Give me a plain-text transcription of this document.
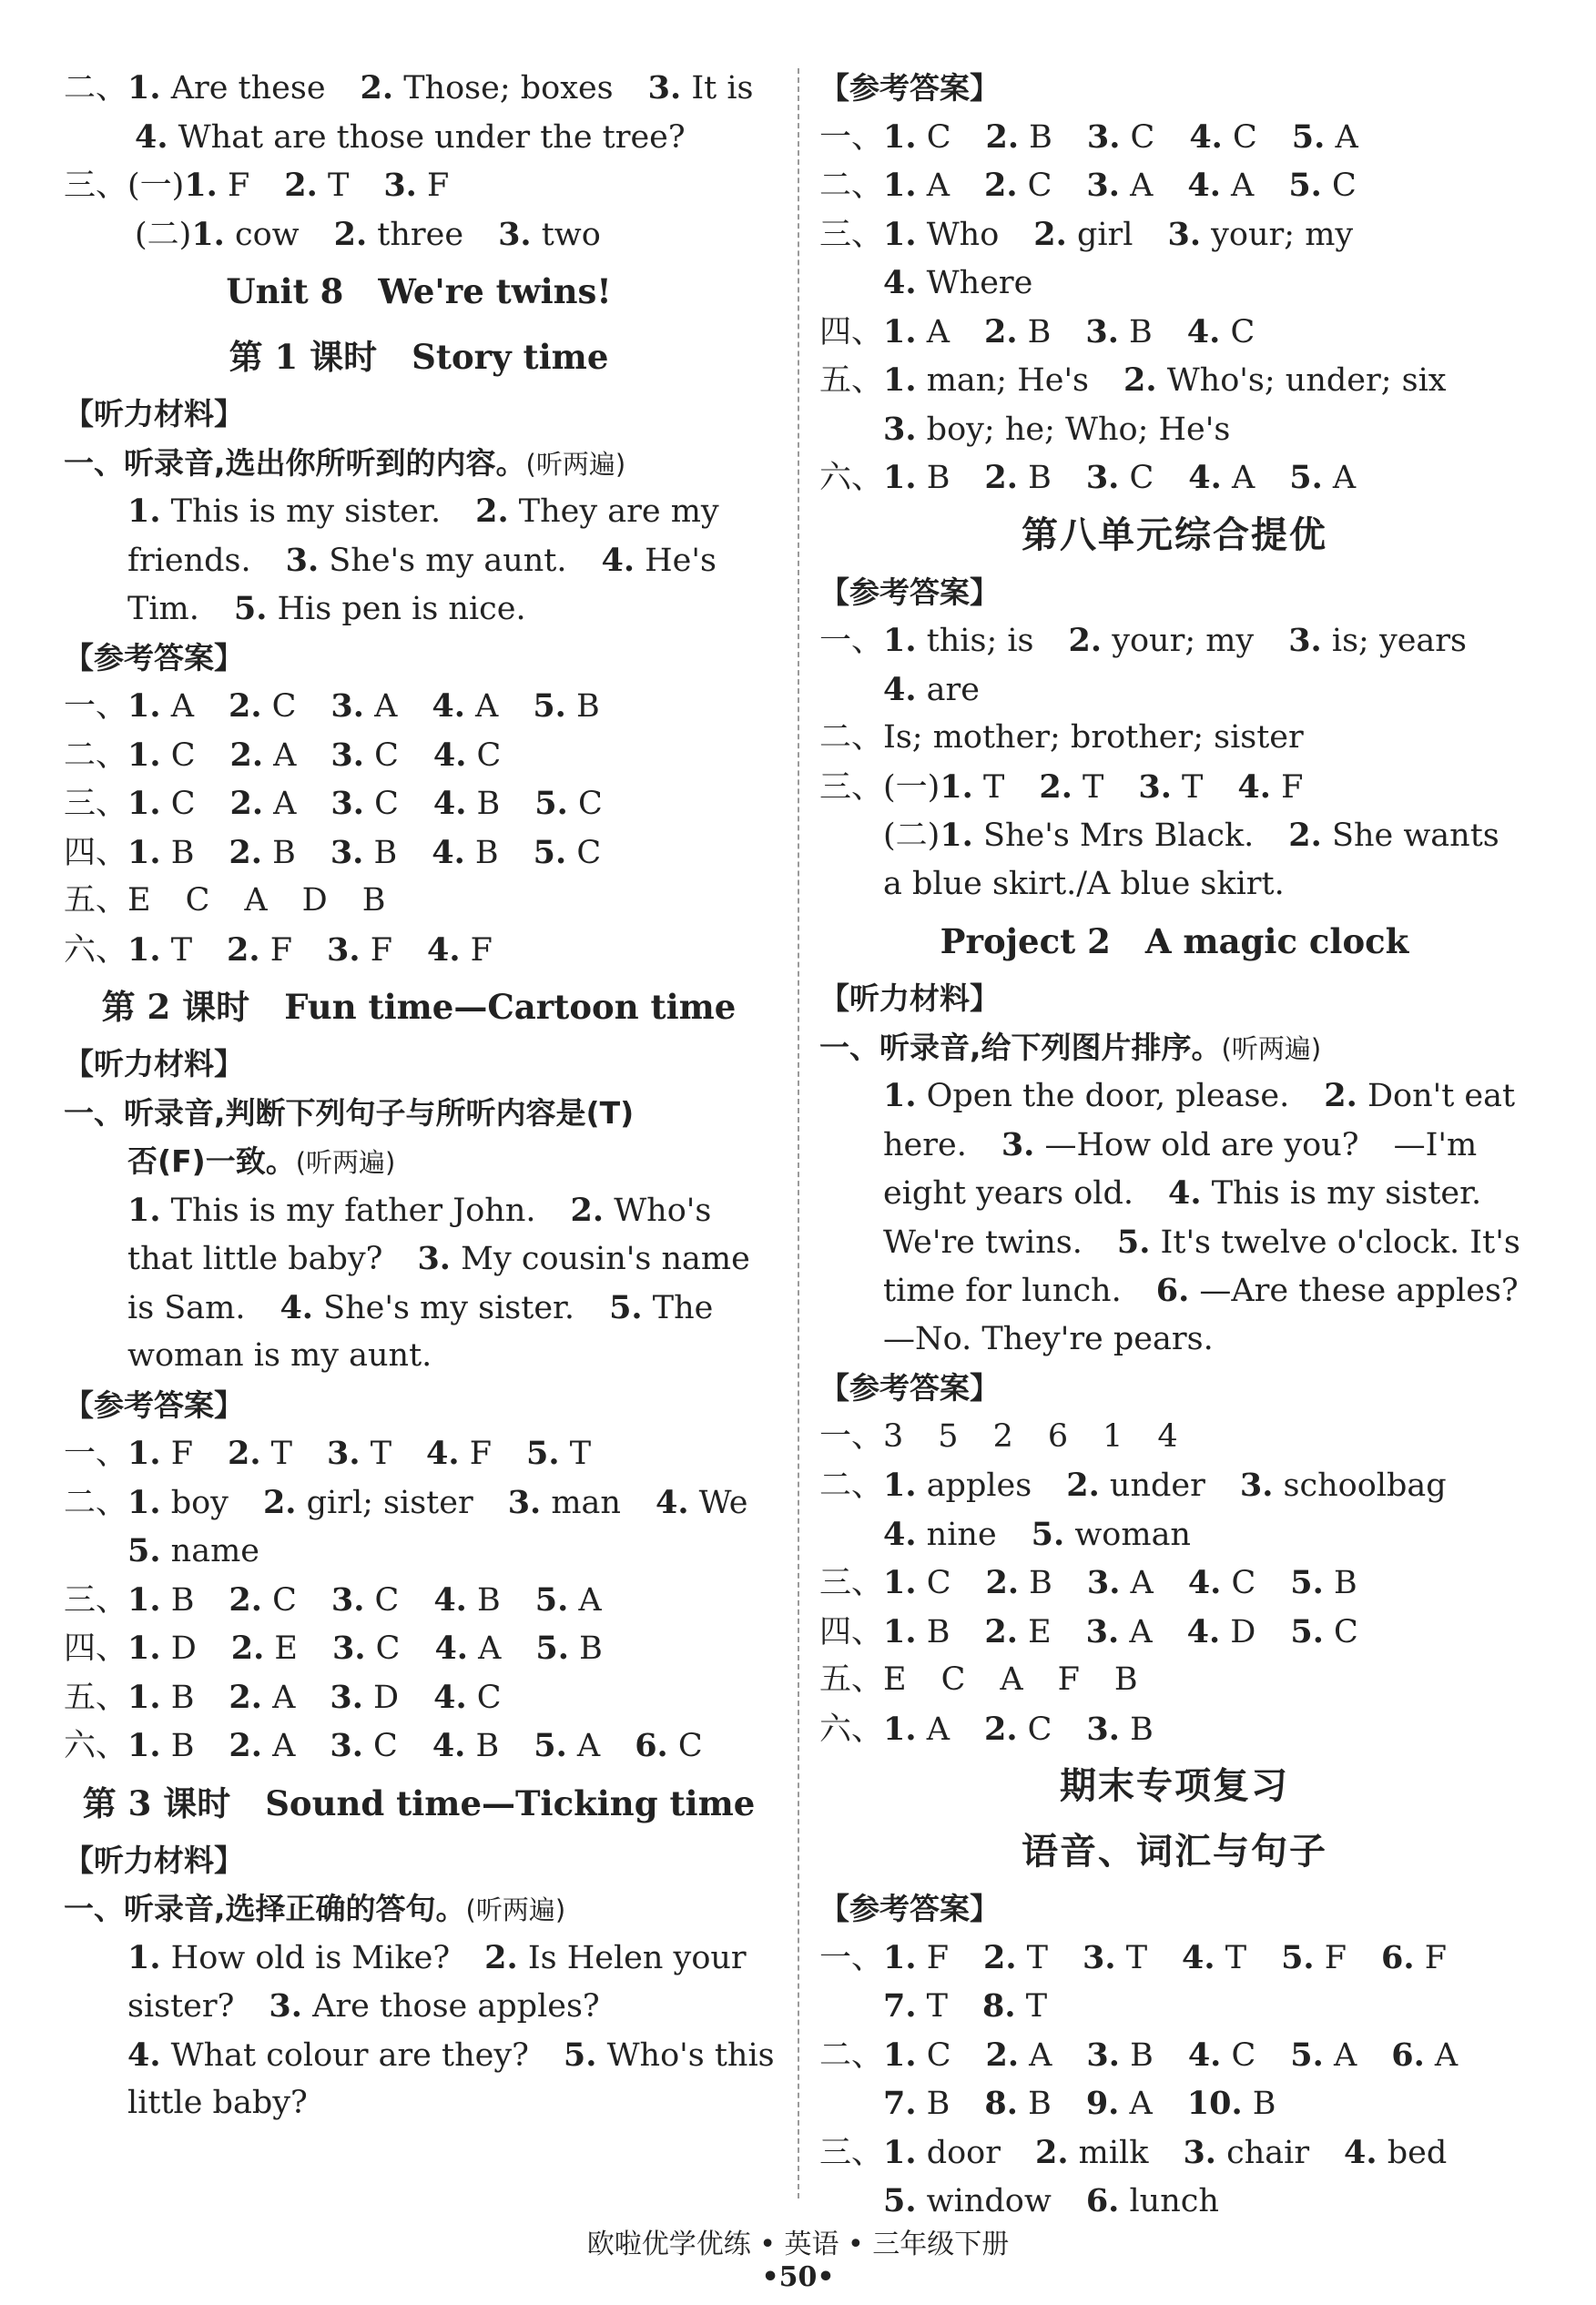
二、1. Are these 2. Those; boxes 3. It is
4. What are those under the tree?
三、(一)1. F 2. T 3. F
(二)1. cow 2. three 3. two
Unit 8 We're twins!
第 1 课时 Story time
【听力材料】
一、听录音,选出你所听到的内容。(听两遍)
1. This is my sister. 2. They are my
friends. 3. She's my aunt. 4. He's
Tim. 5. His pen is nice.
【参考答案】
一、1. A 2. C 3. A 4. A 5. B
二、1. C 2. A 3. C 4. C
三、1. C 2. A 3. C 4. B 5. C
四、1. B 2. B 3. B 4. B 5. C
五、E C A D B
六、1. T 2. F 3. F 4. F
第 2 课时 Fun time—Cartoon time
【听力材料】
一、听录音,判断下列句子与所听内容是(T)
否(F)一致。(听两遍)
1. This is my father John. 2. Who's
that little baby? 3. My cousin's name
is Sam. 4. She's my sister. 5. The
woman is my aunt.
【参考答案】
一、1. F 2. T 3. T 4. F 5. T
二、1. boy 2. girl; sister 3. man 4. We
5. name
三、1. B 2. C 3. C 4. B 5. A
四、1. D 2. E 3. C 4. A 5. B
五、1. B 2. A 3. D 4. C
六、1. B 2. A 3. C 4. B 5. A 6. C
第 3 课时 Sound time—Ticking time
【听力材料】
一、听录音,选择正确的答句。(听两遍)
1. How old is Mike? 2. Is Helen your
sister? 3. Are those apples?
4. What colour are they? 5. Who's this
little baby?
【参考答案】
一、1. C 2. B 3. C 4. C 5. A
二、1. A 2. C 3. A 4. A 5. C
三、1. Who 2. girl 3. your; my
4. Where
四、1. A 2. B 3. B 4. C
五、1. man; He's 2. Who's; under; six
3. boy; he; Who; He's
六、1. B 2. B 3. C 4. A 5. A
第八单元综合提优
【参考答案】
一、1. this; is 2. your; my 3. is; years
4. are
二、Is; mother; brother; sister
三、(一)1. T 2. T 3. T 4. F
(二)1. She's Mrs Black. 2. She wants
a blue skirt./A blue skirt.
Project 2 A magic clock
【听力材料】
一、听录音,给下列图片排序。(听两遍)
1. Open the door, please. 2. Don't eat
here. 3. —How old are you? —I'm
eight years old. 4. This is my sister.
We're twins. 5. It's twelve o'clock. It's
time for lunch. 6. —Are these apples?
—No. They're pears.
【参考答案】
一、3 5 2 6 1 4
二、1. apples 2. under 3. schoolbag
4. nine 5. woman
三、1. C 2. B 3. A 4. C 5. B
四、1. B 2. E 3. A 4. D 5. C
五、E C A F B
六、1. A 2. C 3. B
期末专项复习
语音、词汇与句子
【参考答案】
一、1. F 2. T 3. T 4. T 5. F 6. F
7. T 8. T
二、1. C 2. A 3. B 4. C 5. A 6. A
7. B 8. B 9. A 10. B
三、1. door 2. milk 3. chair 4. bed
5. window 6. lunch
欧啦优学优练 • 英语 • 三年级下册
•50•
